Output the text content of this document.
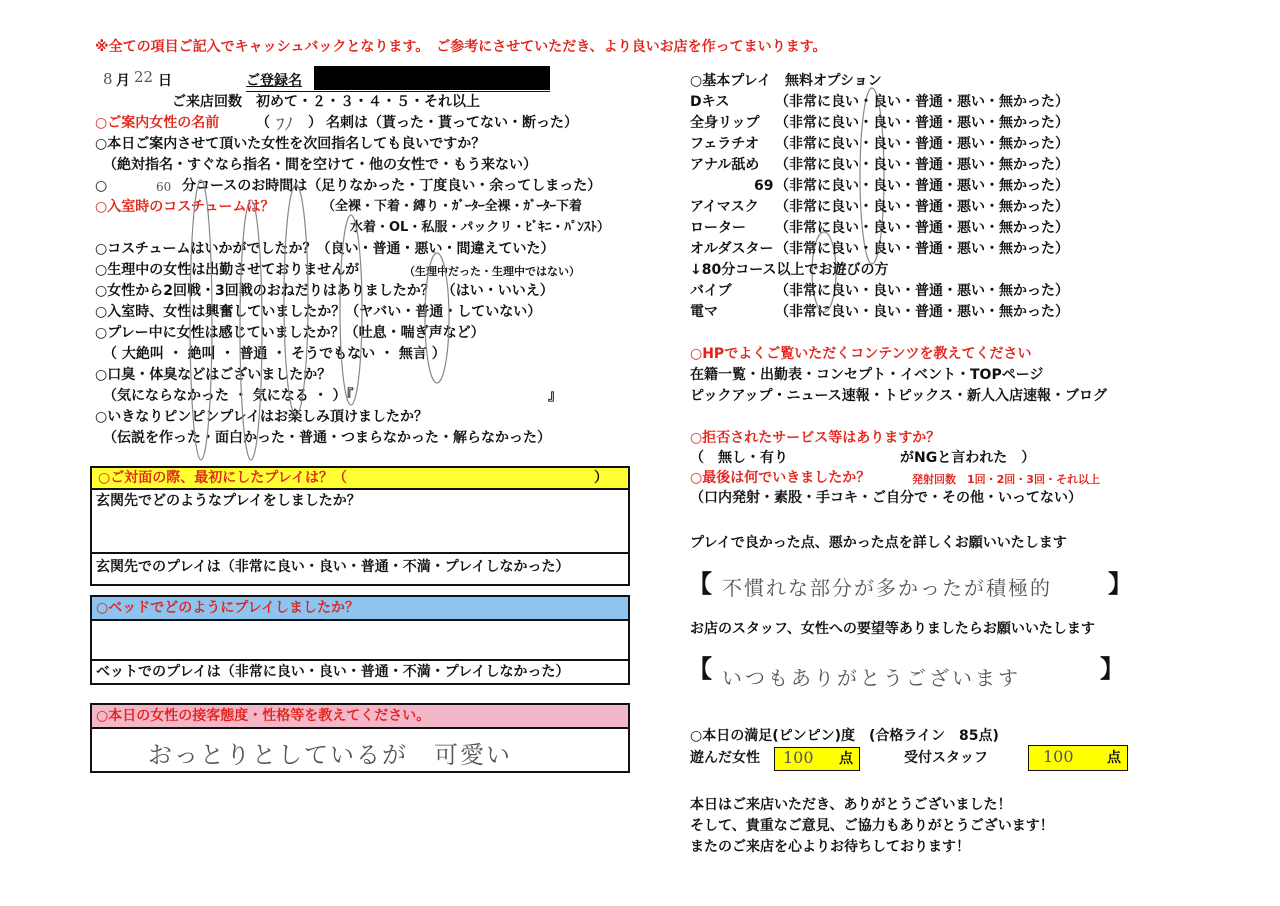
※全ての項目ご記入でキャッシュバックとなります。　ご参考にさせていただき、より良いお店を作ってまいります。
8 月 22 日	ご登録名
ご来店回数　初めて・２・３・４・５・それ以上
○ご案内女性の名前	（ ﾌﾉ ） 名刺は（貰った・貰ってない・断った）
○本日ご案内させて頂いた女性を次回指名しても良いですか？
（絶対指名・すぐなら指名・間を空けて・他の女性で・もう来ない）
○	60 分コースのお時間は（足りなかった・丁度良い・余ってしまった）
○入室時のコスチュームは？	（全裸・下着・縛り・ｶﾞｰﾀｰ全裸・ｶﾞｰﾀｰ下着
水着・OL・私服・パックリ・ﾋﾞｷﾆ・ﾊﾟﾝｽﾄ）
○コスチュームはいかがでしたか？（良い・普通・悪い・間違えていた）
○生理中の女性は出勤させておりませんが	（生理中だった・生理中ではない）
○女性から2回戦・3回戦のおねだりはありましたか？　（はい・いいえ）
○入室時、女性は興奮していましたか？（ヤバい・普通・していない）
○プレー中に女性は感じていましたか？（吐息・喘ぎ声など）
（ 大絶叫 ・ 絶叫 ・ 普通 ・ そうでもない ・ 無言 ）
○口臭・体臭などはございましたか？
（気にならなかった ・ 気になる ・ ）『	』
○いきなりピンピンプレイはお楽しみ頂けましたか？
（伝説を作った・面白かった・普通・つまらなかった・解らなかった）
○ご対面の際、最初にしたプレイは？（	）
玄関先でどのようなプレイをしましたか？
玄関先でのプレイは（非常に良い・良い・普通・不満・プレイしなかった）
○ベッドでどのようにプレイしましたか？
ベットでのプレイは（非常に良い・良い・普通・不満・プレイしなかった）
○本日の女性の接客態度・性格等を教えてください。
おっとりとしているが　可愛い
○基本プレイ　無料オプション
Dキス	（非常に良い・良い・普通・悪い・無かった）
全身リップ （非常に良い・良い・普通・悪い・無かった）
フェラチオ （非常に良い・良い・普通・悪い・無かった）
アナル舐め （非常に良い・良い・普通・悪い・無かった）
69 （非常に良い・良い・普通・悪い・無かった）
アイマスク （非常に良い・良い・普通・悪い・無かった）
ローター （非常に良い・良い・普通・悪い・無かった）
オルダスター （非常に良い・良い・普通・悪い・無かった）
↓80分コース以上でお遊びの方
バイブ	（非常に良い・良い・普通・悪い・無かった）
電マ	（非常に良い・良い・普通・悪い・無かった）
○HPでよくご覧いただくコンテンツを教えてください
在籍一覧・出勤表・コンセプト・イベント・TOPページ
ピックアップ・ニュース速報・トピックス・新人入店速報・ブログ
○拒否されたサービス等はありますか？
（　無し・有り　　　　　　　　がNGと言われた　）
○最後は何でいきましたか？	発射回数　1回・2回・3回・それ以上
（口内発射・素股・手コキ・ご自分で・その他・いってない）
プレイで良かった点、悪かった点を詳しくお願いいたします
【 不慣れな部分が多かったが積極的 】
お店のスタッフ、女性への要望等ありましたらお願いいたします
【 いつもありがとうございます	】
○本日の満足(ピンピン)度　(合格ライン　85点)
遊んだ女性 100 点	受付スタッフ	100 点
本日はご来店いただき、ありがとうございました！
そして、貴重なご意見、ご協力もありがとうございます！
またのご来店を心よりお待ちしております！
